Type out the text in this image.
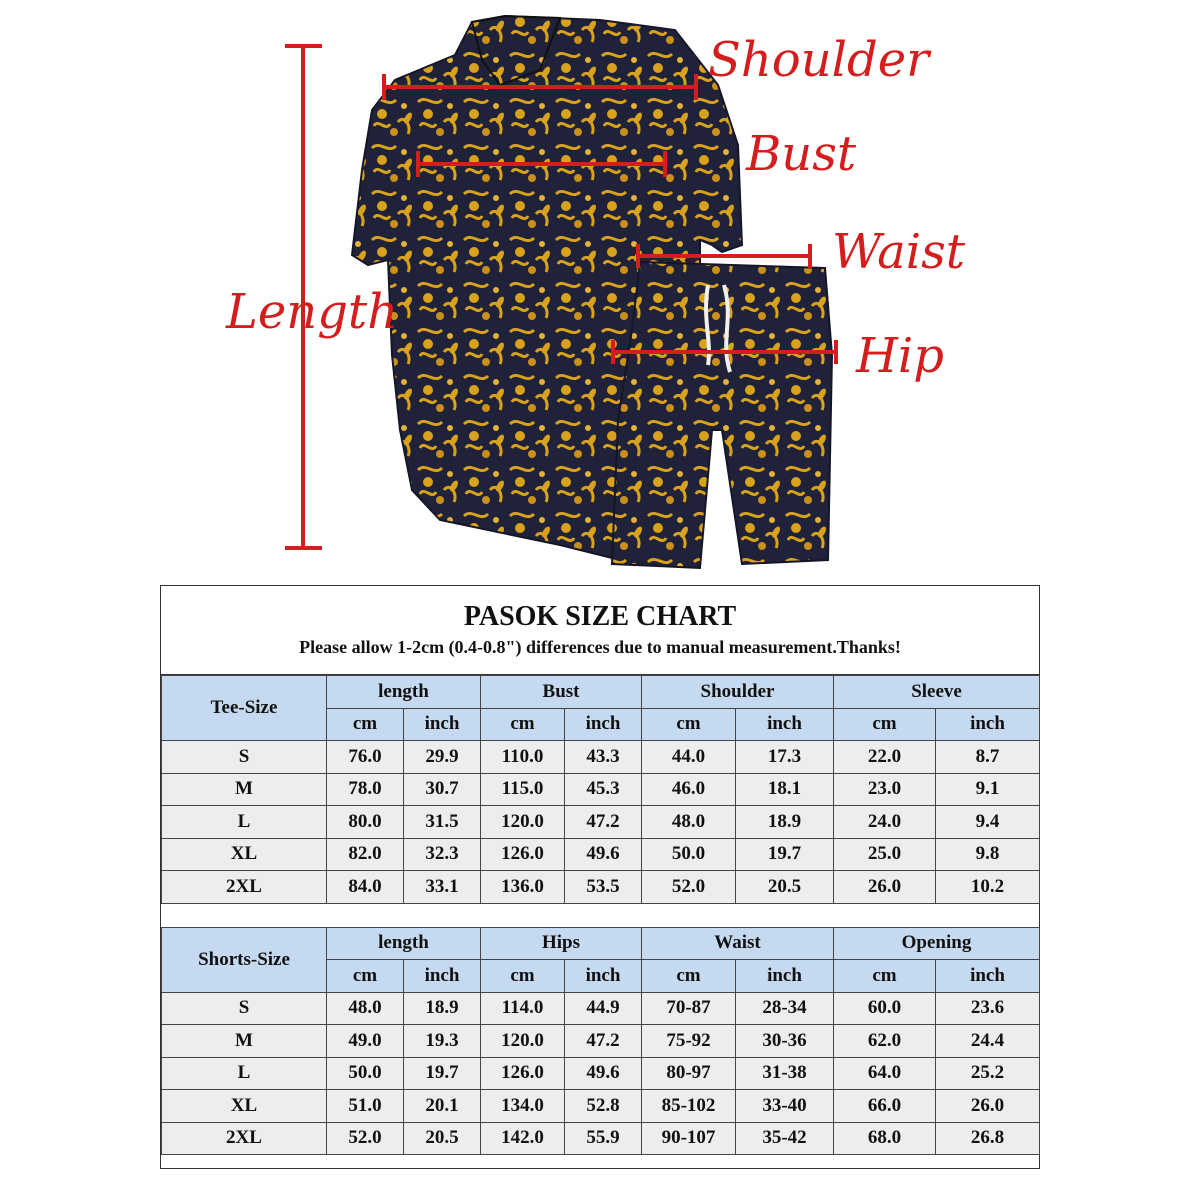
Shoulder
Bust
Waist
Hip
Length
PASOK SIZE CHART
Please allow 1-2cm (0.4-0.8") differences due to manual measurement.Thanks!
Tee-Size	length		Bust		Shoulder		Sleeve	
	cm	inch	cm	inch	cm	inch	cm	inch
S	76.0	29.9	110.0	43.3	44.0	17.3	22.0	8.7
M	78.0	30.7	115.0	45.3	46.0	18.1	23.0	9.1
L	80.0	31.5	120.0	47.2	48.0	18.9	24.0	9.4
XL	82.0	32.3	126.0	49.6	50.0	19.7	25.0	9.8
2XL	84.0	33.1	136.0	53.5	52.0	20.5	26.0	10.2

Shorts-Size	length		Hips		Waist		Opening	
	cm	inch	cm	inch	cm	inch	cm	inch
S	48.0	18.9	114.0	44.9	70-87	28-34	60.0	23.6
M	49.0	19.3	120.0	47.2	75-92	30-36	62.0	24.4
L	50.0	19.7	126.0	49.6	80-97	31-38	64.0	25.2
XL	51.0	20.1	134.0	52.8	85-102	33-40	66.0	26.0
2XL	52.0	20.5	142.0	55.9	90-107	35-42	68.0	26.8
